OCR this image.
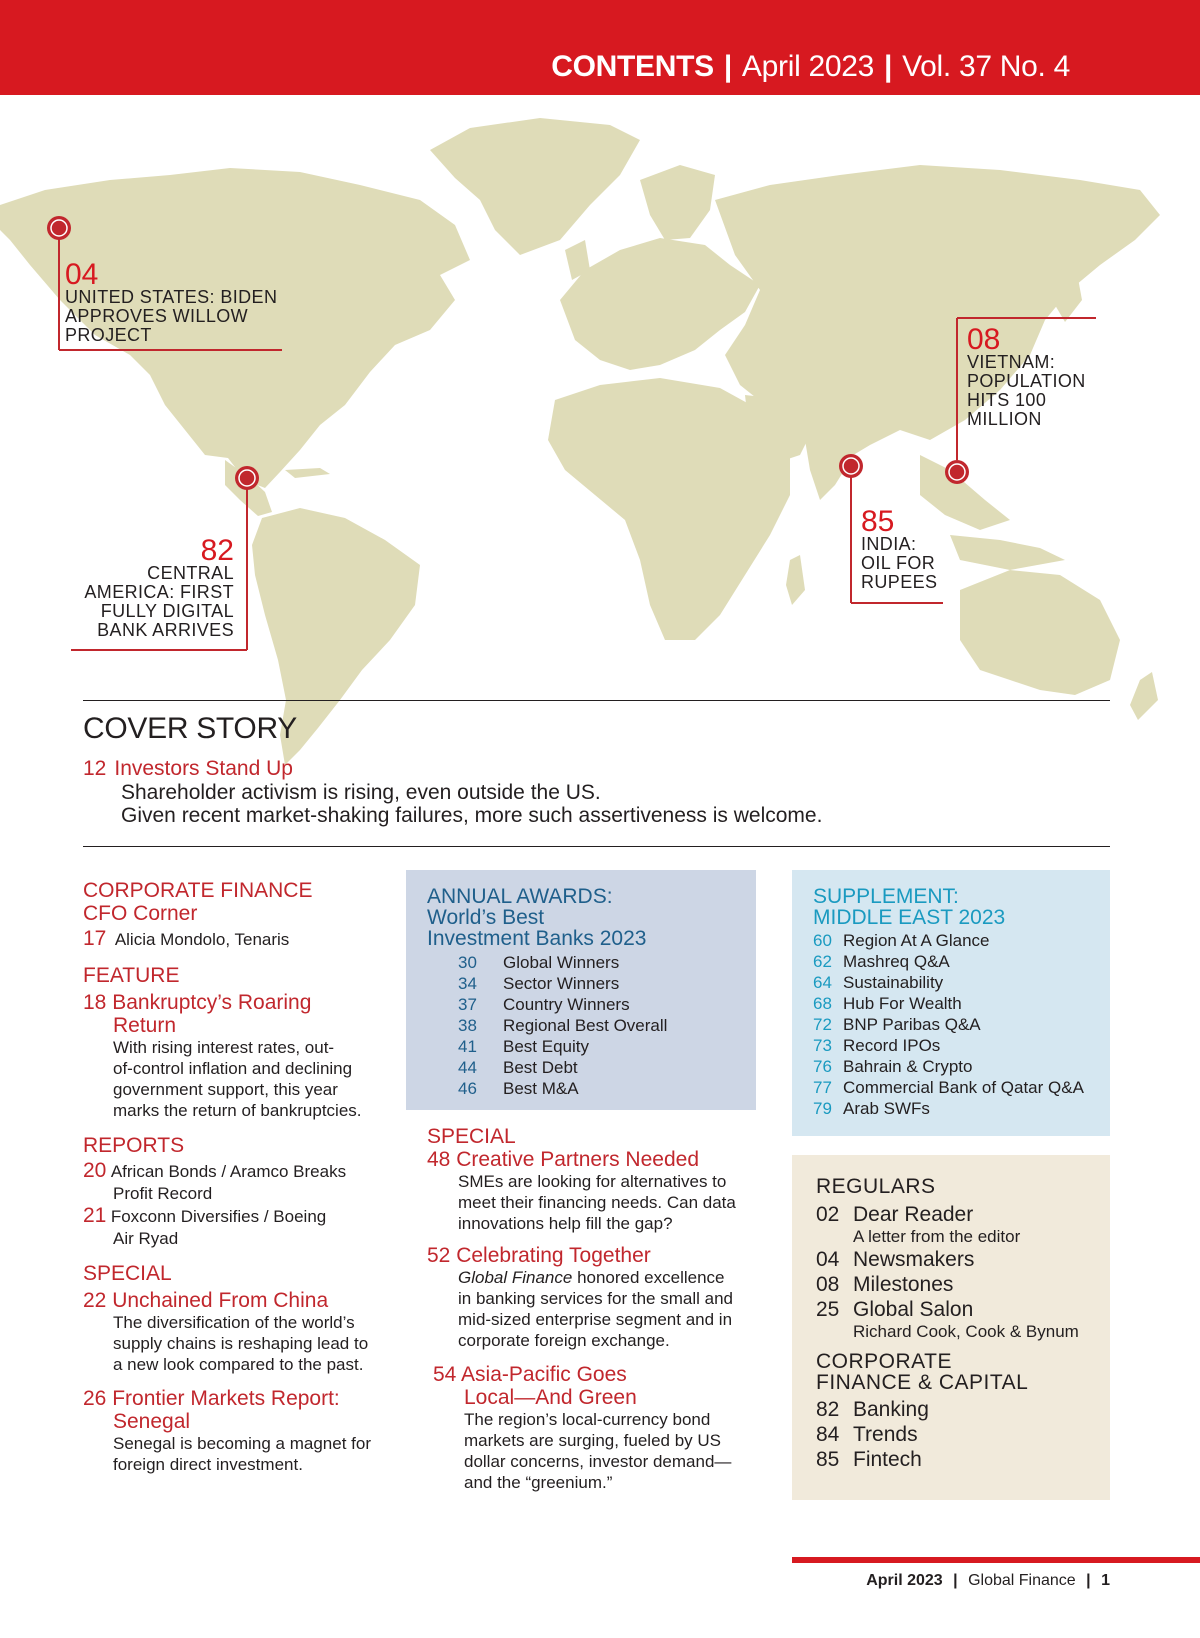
CONTENTS | April 2023 | Vol. 37 No. 4
04
UNITED STATES: BIDEN
APPROVES WILLOW
PROJECT
82
CENTRAL
AMERICA: FIRST
FULLY DIGITAL
BANK ARRIVES
85
INDIA:
OIL FOR
RUPEES
08
VIETNAM:
POPULATION
HITS 100
MILLION
COVER STORY
12 Investors Stand Up
Shareholder activism is rising, even outside the US.
Given recent market-shaking failures, more such assertiveness is welcome.
CORPORATE FINANCE
CFO Corner
17 Alicia Mondolo, Tenaris
FEATURE
18 Bankruptcy’s Roaring
Return
With rising interest rates, out-
of-control inflation and declining
government support, this year
marks the return of bankruptcies.
REPORTS
20 African Bonds / Aramco Breaks
Profit Record
21 Foxconn Diversifies / Boeing
Air Ryad
SPECIAL
22 Unchained From China
The diversification of the world’s
supply chains is reshaping lead to
a new look compared to the past.
26 Frontier Markets Report:
Senegal
Senegal is becoming a magnet for
foreign direct investment.
ANNUAL AWARDS:
World’s Best
Investment Banks 2023
30	Global Winners
34	Sector Winners
37	Country Winners
38	Regional Best Overall
41	Best Equity
44	Best Debt
46	Best M&A
SPECIAL
48 Creative Partners Needed
SMEs are looking for alternatives to
meet their financing needs. Can data
innovations help fill the gap?
52 Celebrating Together
Global Finance honored excellence
in banking services for the small and
mid-sized enterprise segment and in
corporate foreign exchange.
54 Asia-Pacific Goes
Local—And Green
The region’s local-currency bond
markets are surging, fueled by US
dollar concerns, investor demand—
and the “greenium.”
SUPPLEMENT:
MIDDLE EAST 2023
60 Region At A Glance
62 Mashreq Q&A
64 Sustainability
68 Hub For Wealth
72 BNP Paribas Q&A
73 Record IPOs
76 Bahrain & Crypto
77 Commercial Bank of Qatar Q&A
79 Arab SWFs
REGULARS
02 Dear Reader
A letter from the editor
04 Newsmakers
08 Milestones
25 Global Salon
Richard Cook, Cook & Bynum
CORPORATE
FINANCE & CAPITAL
82 Banking
84 Trends
85 Fintech
April 2023 | Global Finance | 1
